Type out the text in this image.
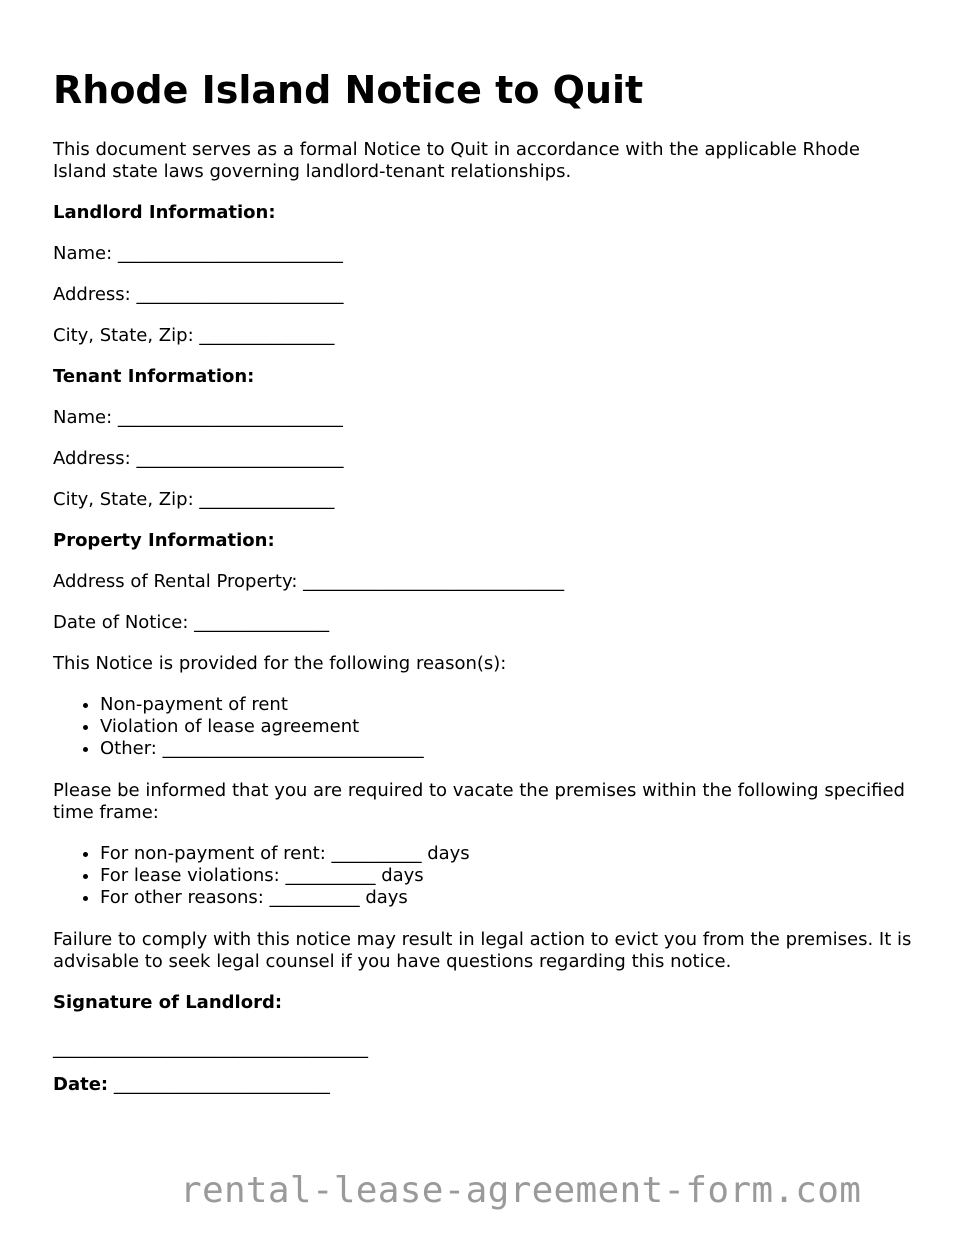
Rhode Island Notice to Quit

This document serves as a formal Notice to Quit in accordance with the applicable Rhode Island state laws governing landlord-tenant relationships.

Landlord Information:

Name: _________________________

Address: _______________________

City, State, Zip: _______________

Tenant Information:

Name: _________________________

Address: _______________________

City, State, Zip: _______________

Property Information:

Address of Rental Property: _____________________________

Date of Notice: _______________

This Notice is provided for the following reason(s):

• Non-payment of rent
• Violation of lease agreement
• Other: _____________________________

Please be informed that you are required to vacate the premises within the following specified time frame:

• For non-payment of rent: __________ days
• For lease violations: __________ days
• For other reasons: __________ days

Failure to comply with this notice may result in legal action to evict you from the premises. It is advisable to seek legal counsel if you have questions regarding this notice.

Signature of Landlord:

___________________________________

Date: ________________________

rental-lease-agreement-form.com
